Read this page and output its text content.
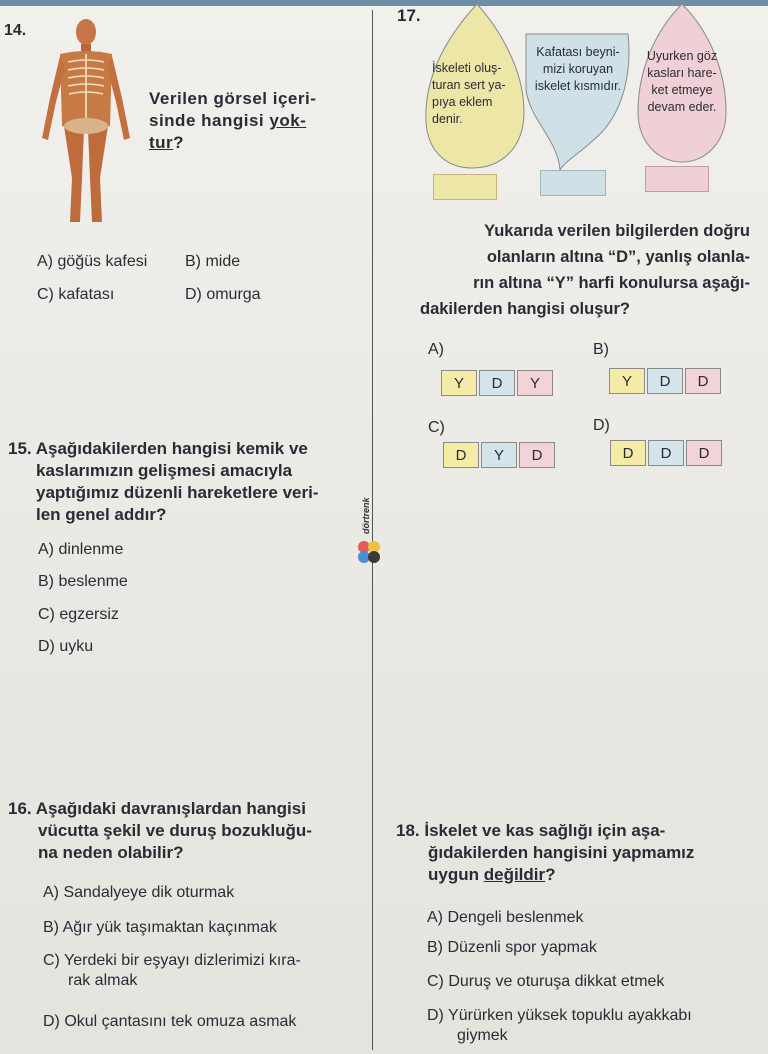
14.
Verilen görsel içeri-
sinde hangisi yok-
tur?
A) göğüs kafesi B) mide
C) kafatası	D) omurga
15. Aşağıdakilerden hangisi kemik ve
kaslarımızın gelişmesi amacıyla
yaptığımız düzenli hareketlere veri-
len genel addır?
A) dinlenme
B) beslenme
C) egzersiz
D) uyku
dörtrenk
16. Aşağıdaki davranışlardan hangisi
vücutta şekil ve duruş bozukluğu-
na neden olabilir?
A) Sandalyeye dik oturmak
B) Ağır yük taşımaktan kaçınmak
C) Yerdeki bir eşyayı dizlerimizi kıra-
rak almak
D) Okul çantasını tek omuza asmak
17.
İskeleti oluş-
turan sert ya-
pıya eklem
denir.
Kafatası beyni-
mizi koruyan
iskelet kısmıdır.
Uyurken göz
kasları hare-
ket etmeye
devam eder.
Yukarıda verilen bilgilerden doğru
olanların altına “D”, yanlış olanla-
rın altına “Y” harfi konulursa aşağı-
dakilerden hangisi oluşur?
A)
Y	D	Y
B)
Y	D	D
C)
D	Y	D
D)
D	D	D
18. İskelet ve kas sağlığı için aşa-
ğıdakilerden hangisini yapmamız
uygun değildir?
A) Dengeli beslenmek
B) Düzenli spor yapmak
C) Duruş ve oturuşa dikkat etmek
D) Yürürken yüksek topuklu ayakkabı
giymek
